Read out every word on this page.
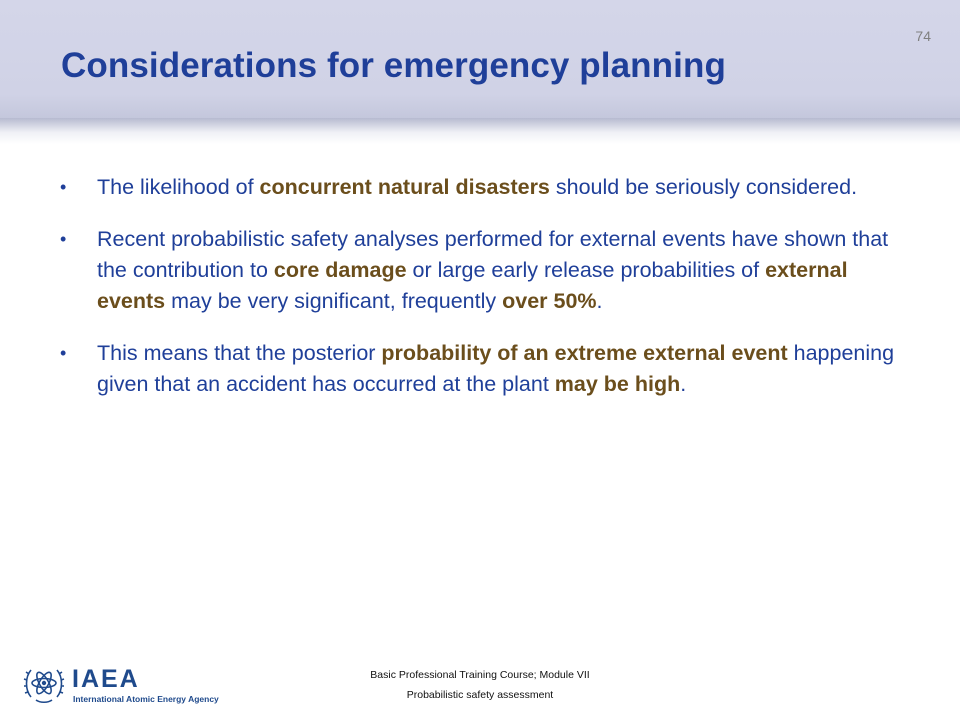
Considerations for emergency planning
74
• The likelihood of concurrent natural disasters should be seriously considered.
• Recent probabilistic safety analyses performed for external events have shown that the contribution to core damage or large early release probabilities of external events may be very significant, frequently over 50%.
• This means that the posterior probability of an extreme external event happening given that an accident has occurred at the plant may be high.
IAEA
International Atomic Energy Agency
Basic Professional Training Course; Module VII
Probabilistic safety assessment
